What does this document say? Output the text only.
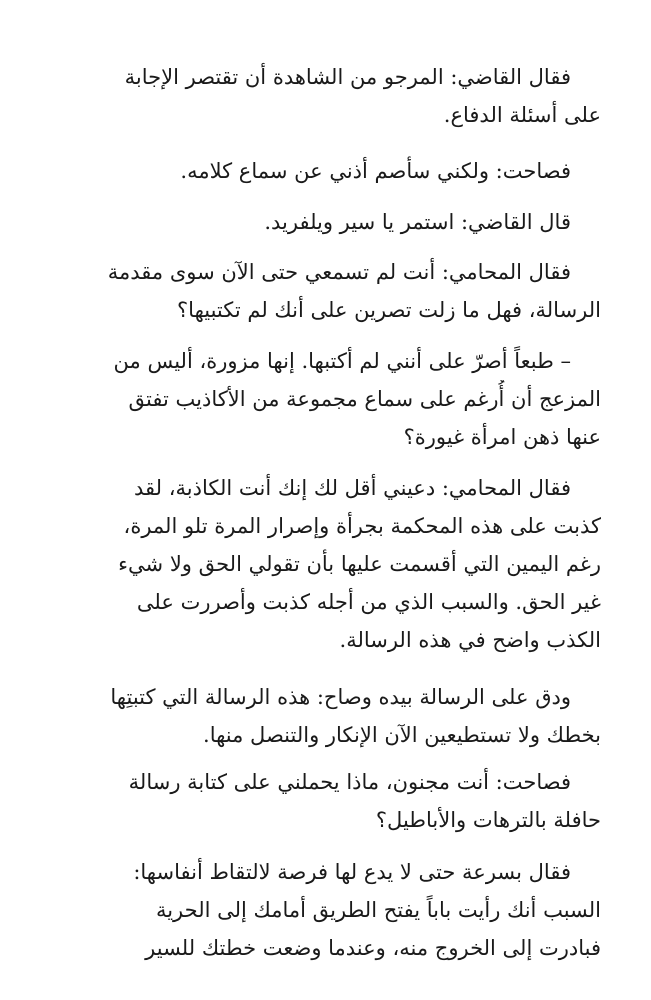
فقال القاضي: المرجو من الشاهدة أن تقتصر الإجابة
على أسئلة الدفاع.

فصاحت: ولكني سأصم أذني عن سماع كلامه.

قال القاضي: استمر يا سير ويلفريد.

فقال المحامي: أنت لم تسمعي حتى الآن سوى مقدمة
الرسالة، فهل ما زلت تصرين على أنك لم تكتبيها؟

– طبعاً أصرّ على أنني لم أكتبها. إنها مزورة، أليس من
المزعج أن أُرغم على سماع مجموعة من الأكاذيب تفتق
عنها ذهن امرأة غيورة؟

فقال المحامي: دعيني أقل لك إنك أنت الكاذبة، لقد
كذبت على هذه المحكمة بجرأة وإصرار المرة تلو المرة،
رغم اليمين التي أقسمت عليها بأن تقولي الحق ولا شيء
غير الحق. والسبب الذي من أجله كذبت وأصررت على
الكذب واضح في هذه الرسالة.

ودق على الرسالة بيده وصاح: هذه الرسالة التي كتبتِها
بخطك ولا تستطيعين الآن الإنكار والتنصل منها.

فصاحت: أنت مجنون، ماذا يحملني على كتابة رسالة
حافلة بالترهات والأباطيل؟

فقال بسرعة حتى لا يدع لها فرصة لالتقاط أنفاسها:
السبب أنك رأيت باباً يفتح الطريق أمامك إلى الحرية
فبادرت إلى الخروج منه، وعندما وضعت خطتك للسير
